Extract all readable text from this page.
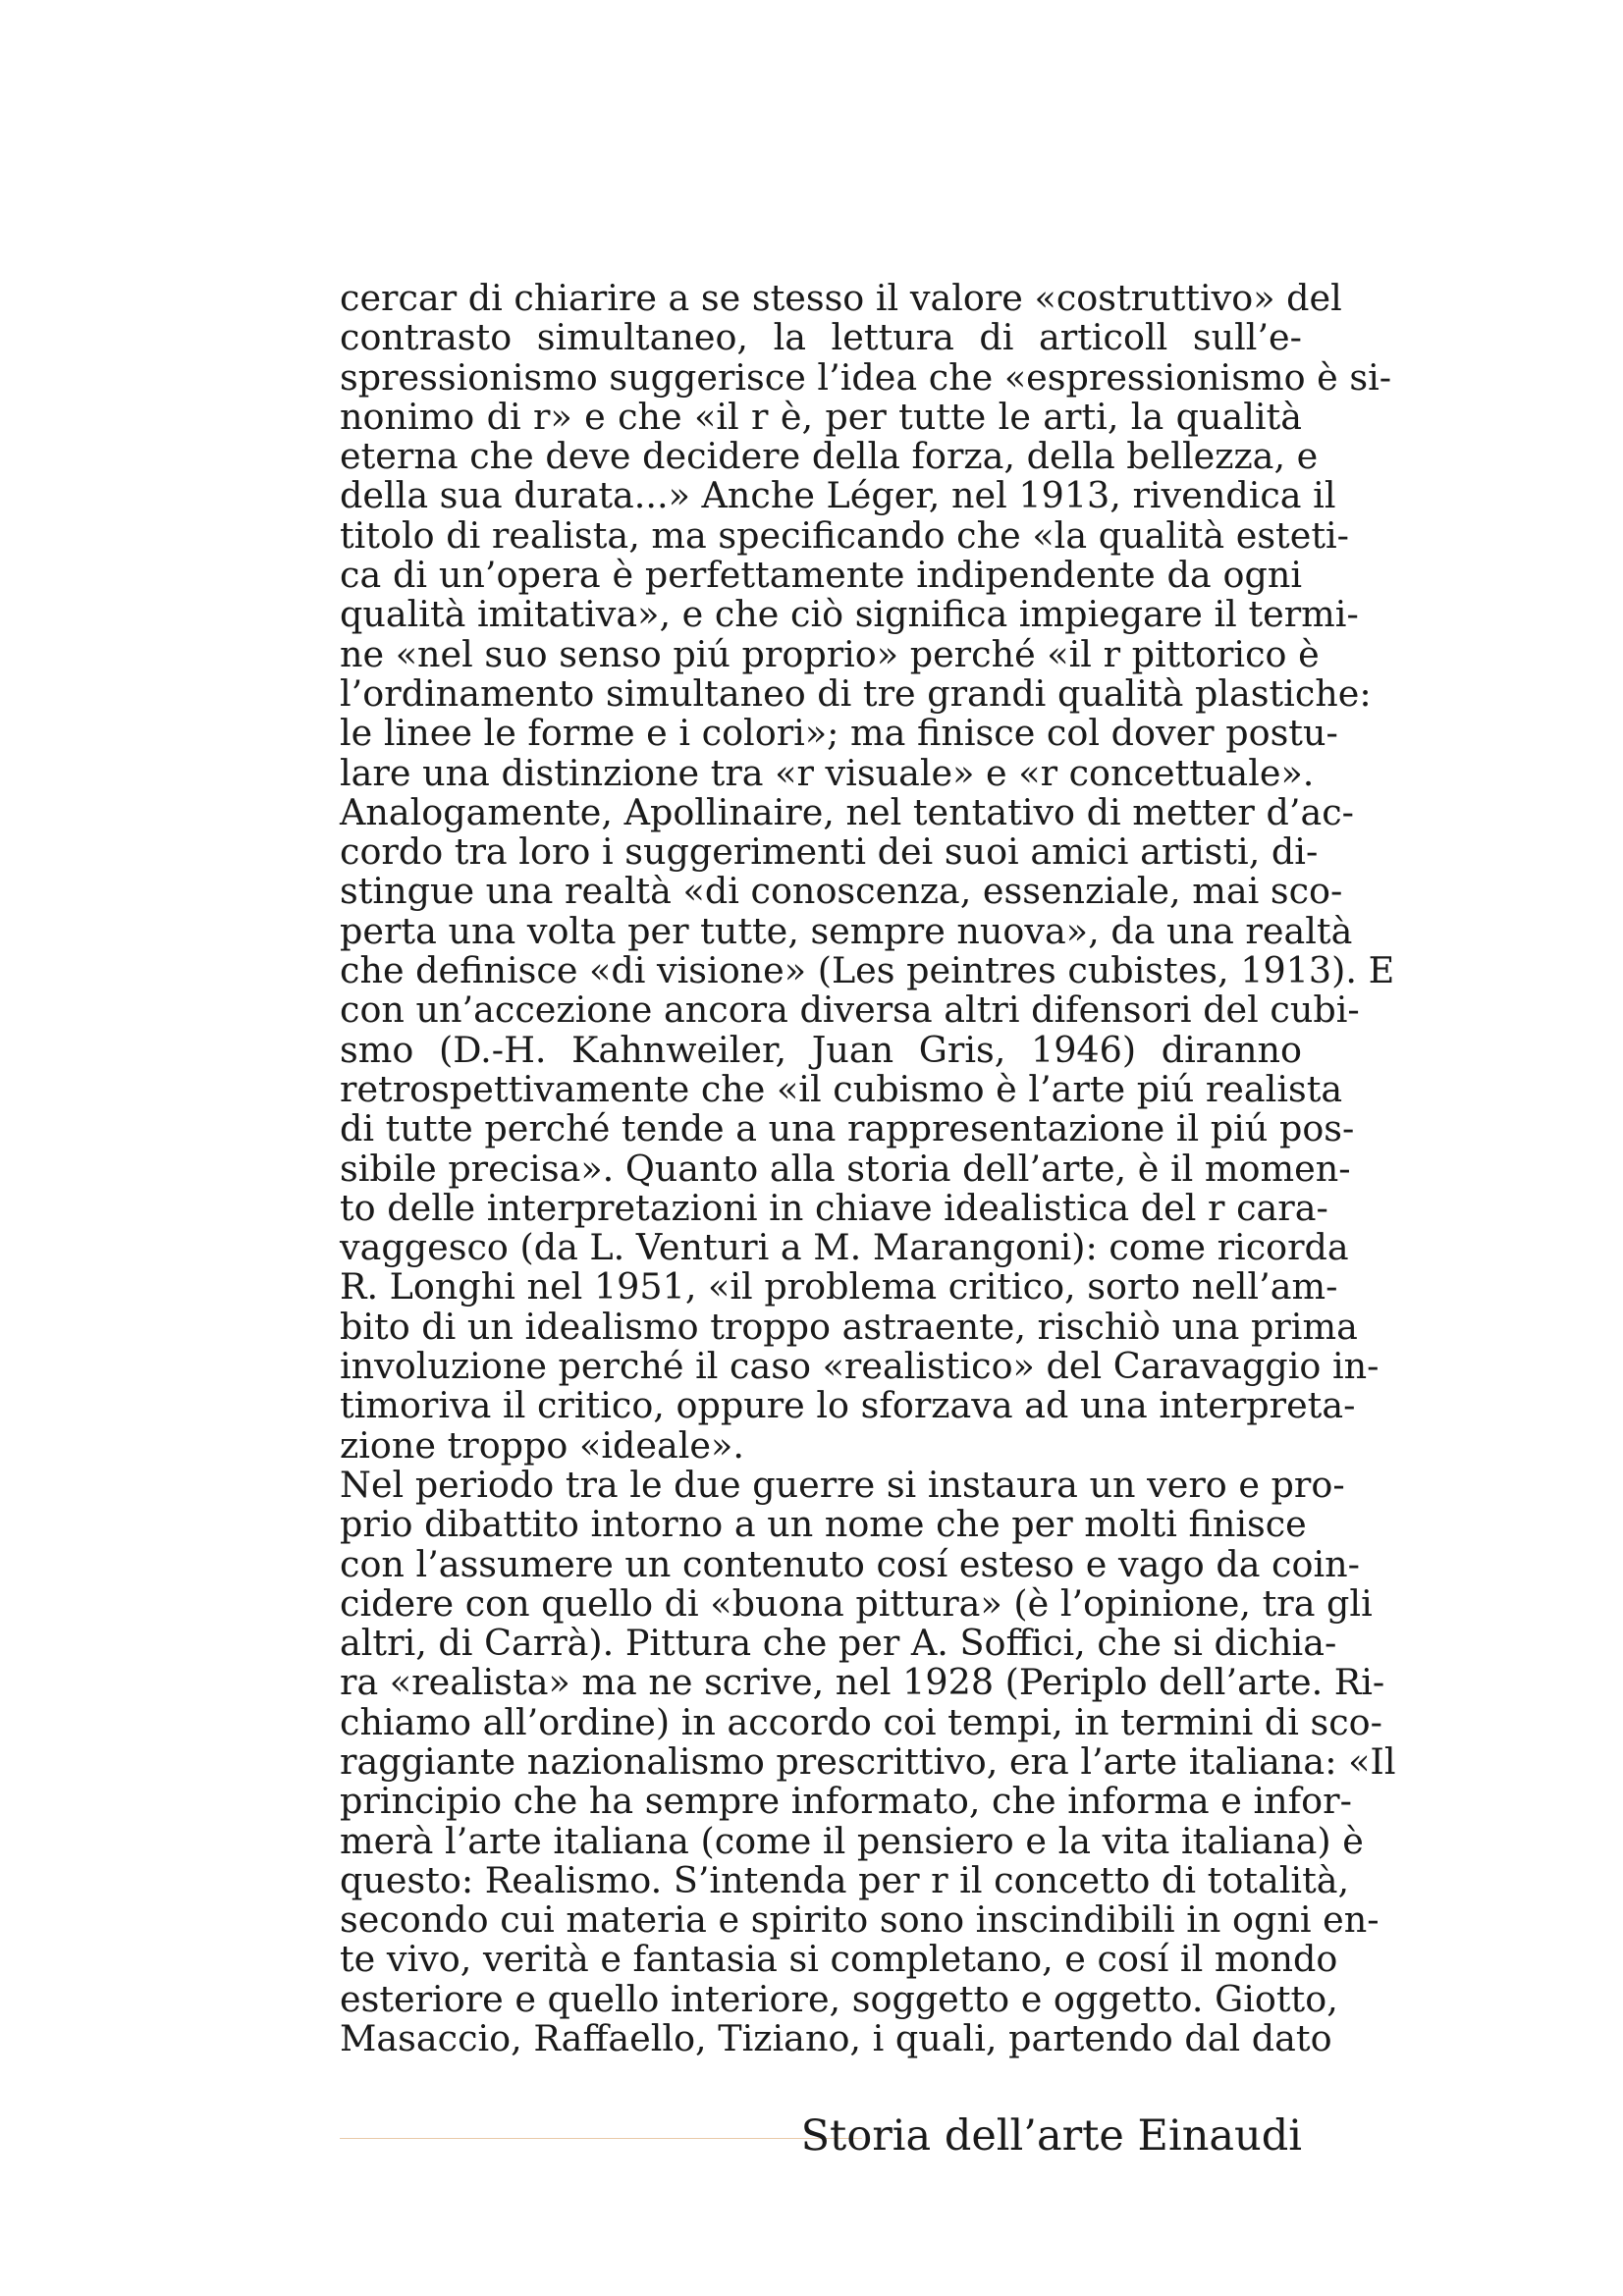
cercar di chiarire a se stesso il valore «costruttivo» del
contrasto simultaneo, la lettura di articoll sull’e-
spressionismo suggerisce l’idea che «espressionismo è si-
nonimo di r» e che «il r è, per tutte le arti, la qualità
eterna che deve decidere della forza, della bellezza, e
della sua durata...» Anche Léger, nel 1913, rivendica il
titolo di realista, ma specificando che «la qualità esteti-
ca di un’opera è perfettamente indipendente da ogni
qualità imitativa», e che ciò significa impiegare il termi-
ne «nel suo senso piú proprio» perché «il r pittorico è
l’ordinamento simultaneo di tre grandi qualità plastiche:
le linee le forme e i colori»; ma finisce col dover postu-
lare una distinzione tra «r visuale» e «r concettuale».
Analogamente, Apollinaire, nel tentativo di metter d’ac-
cordo tra loro i suggerimenti dei suoi amici artisti, di-
stingue una realtà «di conoscenza, essenziale, mai sco-
perta una volta per tutte, sempre nuova», da una realtà
che definisce «di visione» (Les peintres cubistes, 1913). E
con un’accezione ancora diversa altri difensori del cubi-
smo (D.-H. Kahnweiler, Juan Gris, 1946) diranno
retrospettivamente che «il cubismo è l’arte piú realista
di tutte perché tende a una rappresentazione il piú pos-
sibile precisa». Quanto alla storia dell’arte, è il momen-
to delle interpretazioni in chiave idealistica del r cara-
vaggesco (da L. Venturi a M. Marangoni): come ricorda
R. Longhi nel 1951, «il problema critico, sorto nell’am-
bito di un idealismo troppo astraente, rischiò una prima
involuzione perché il caso «realistico» del Caravaggio in-
timoriva il critico, oppure lo sforzava ad una interpreta-
zione troppo «ideale».
Nel periodo tra le due guerre si instaura un vero e pro-
prio dibattito intorno a un nome che per molti finisce
con l’assumere un contenuto cosí esteso e vago da coin-
cidere con quello di «buona pittura» (è l’opinione, tra gli
altri, di Carrà). Pittura che per A. Soffici, che si dichia-
ra «realista» ma ne scrive, nel 1928 (Periplo dell’arte. Ri-
chiamo all’ordine) in accordo coi tempi, in termini di sco-
raggiante nazionalismo prescrittivo, era l’arte italiana: «Il
principio che ha sempre informato, che informa e infor-
merà l’arte italiana (come il pensiero e la vita italiana) è
questo: Realismo. S’intenda per r il concetto di totalità,
secondo cui materia e spirito sono inscindibili in ogni en-
te vivo, verità e fantasia si completano, e cosí il mondo
esteriore e quello interiore, soggetto e oggetto. Giotto,
Masaccio, Raffaello, Tiziano, i quali, partendo dal dato
Storia dell’arte Einaudi
